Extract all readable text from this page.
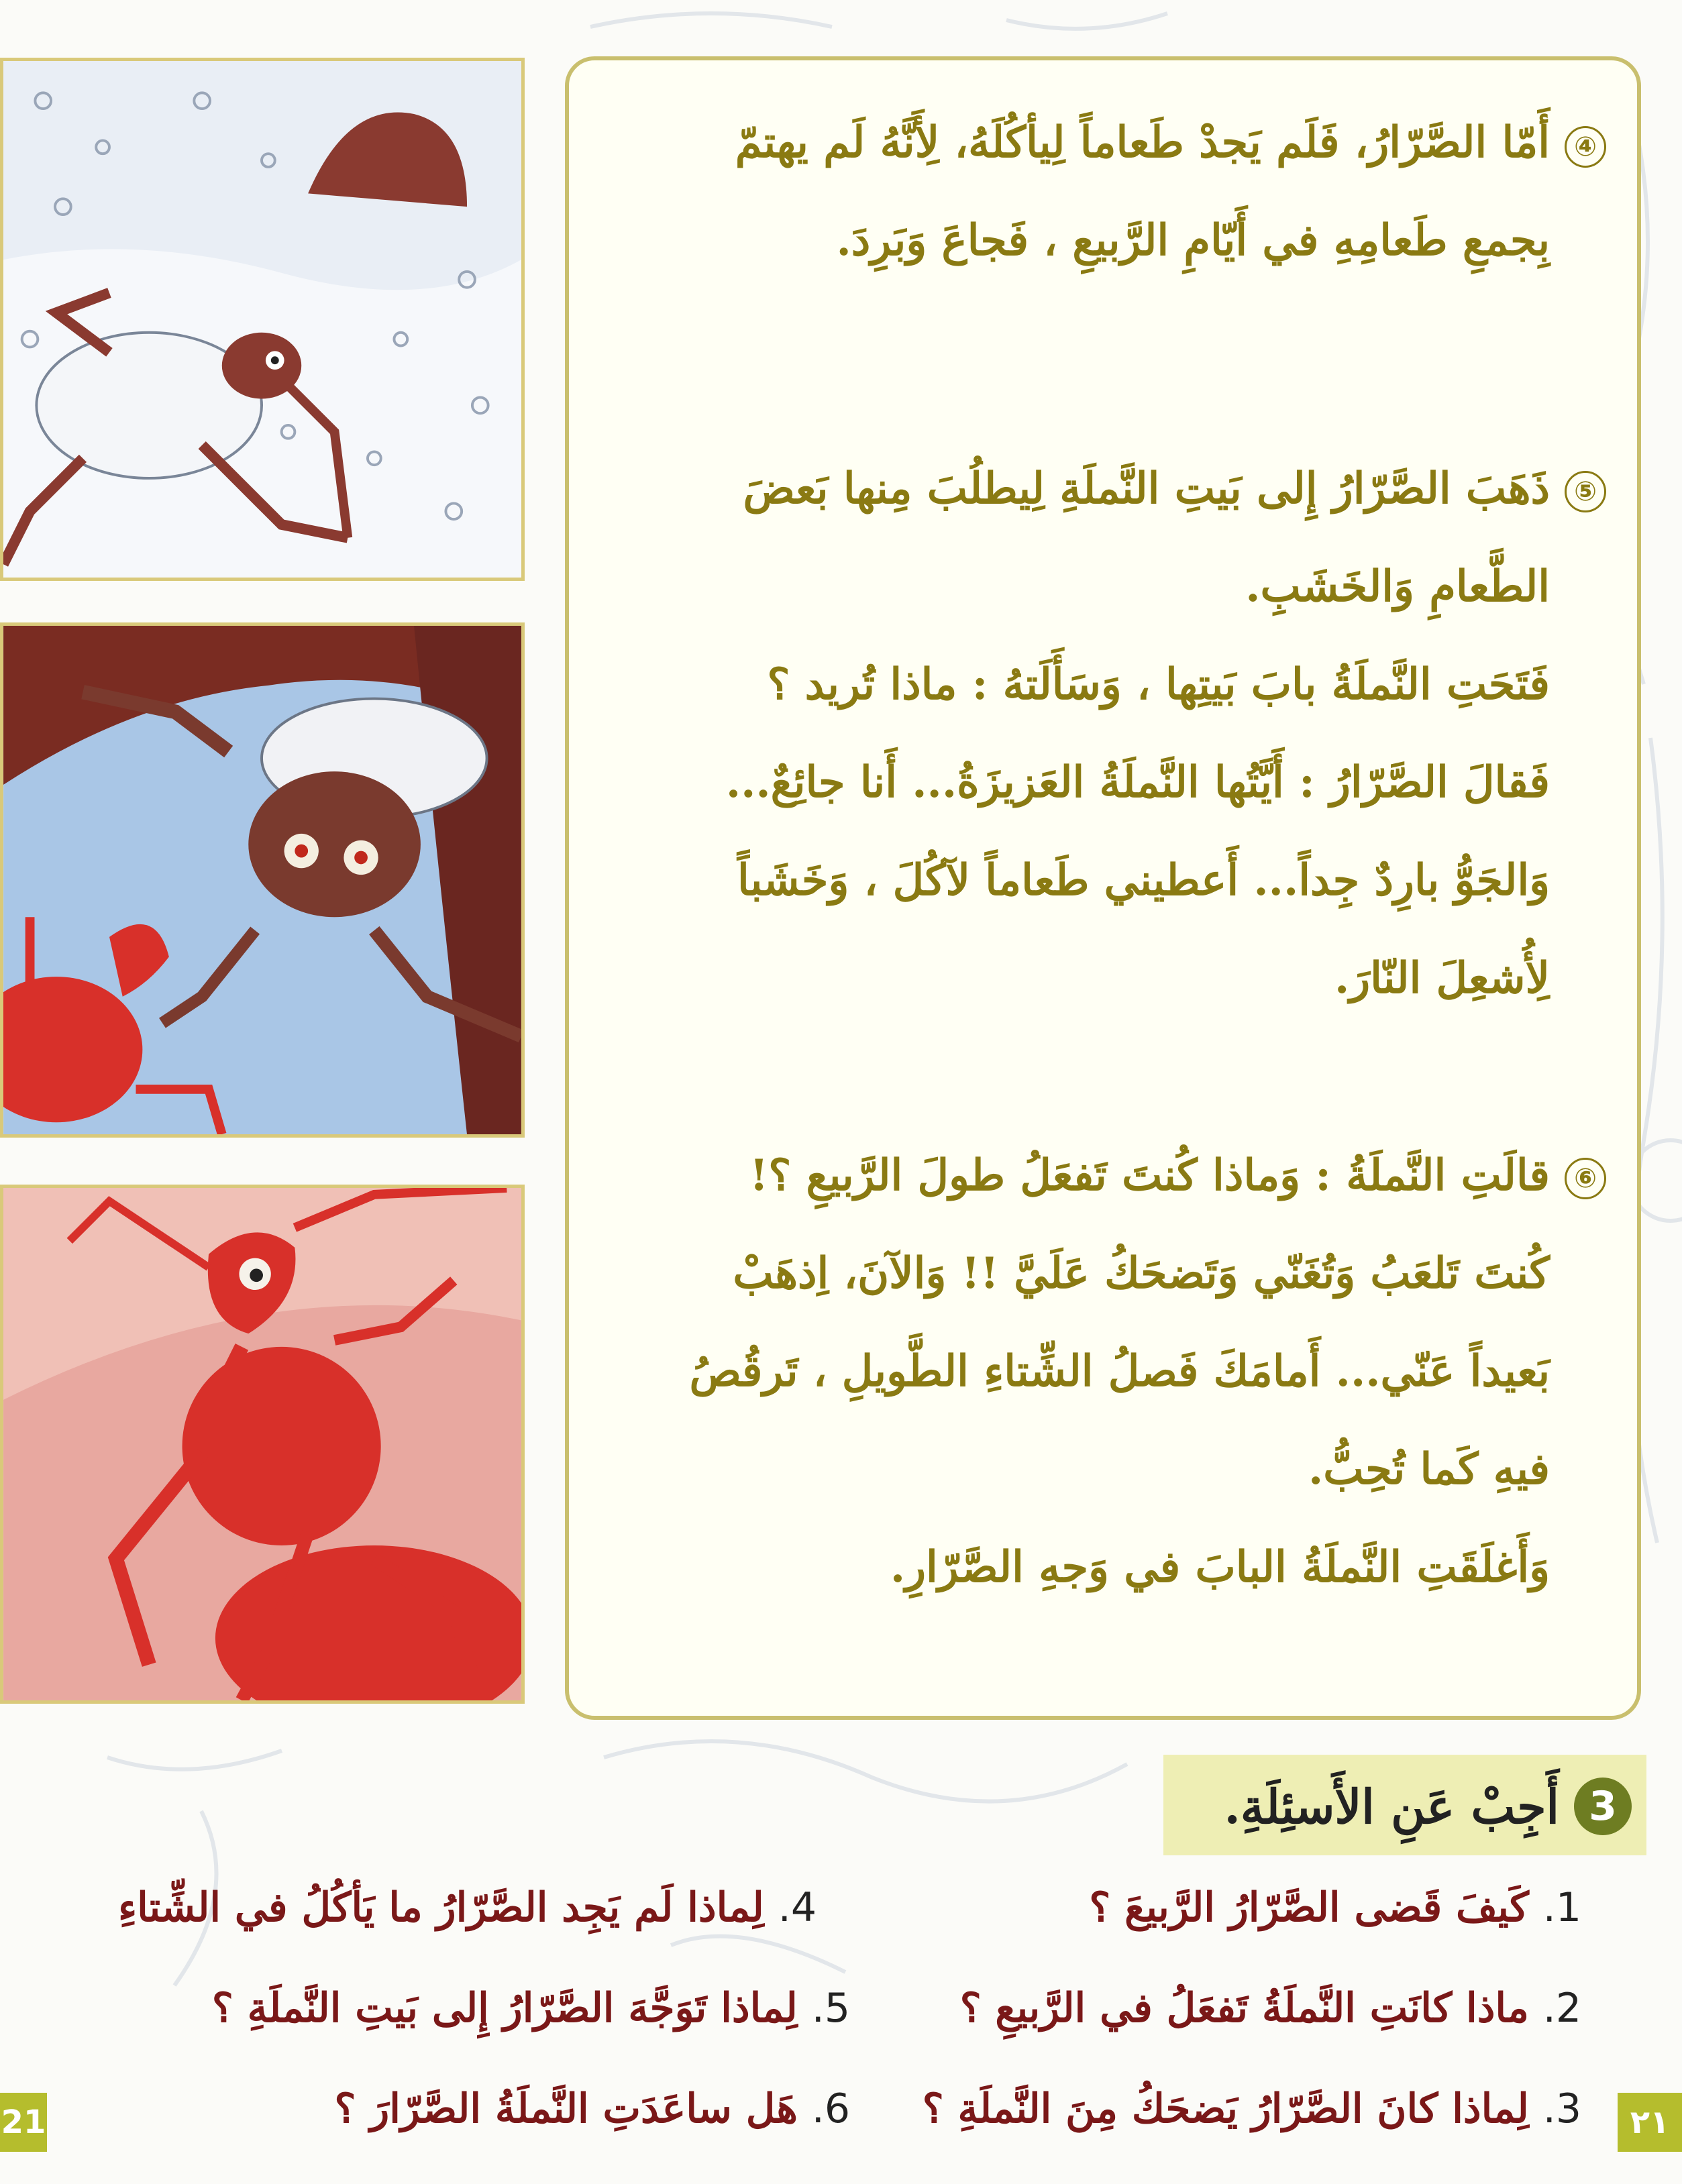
④
أَمّا الصَّرّارُ، فَلَم يَجدْ طَعاماً لِيأكُلَهُ، لِأَنَّهُ لَم يهتمّ
بِجمعِ طَعامِهِ في أَيّامِ الرَّبيعِ ، فَجاعَ وَبَرِدَ.
⑤
ذَهَبَ الصَّرّارُ إِلى بَيتِ النَّملَةِ لِيطلُبَ مِنها بَعضَ
الطَّعامِ وَالخَشَبِ.
فَتَحَتِ النَّملَةُ بابَ بَيتِها ، وَسَأَلَتهُ : ماذا تُريد ؟
فَقالَ الصَّرّارُ : أَيَّتُها النَّملَةُ العَزيزَةُ... أَنا جائِعٌ...
وَالجَوُّ بارِدٌ جِداً... أَعطيني طَعاماً لآكُلَ ، وَخَشَباً
لِأُشعِلَ النّارَ.
⑥
قالَتِ النَّملَةُ : وَماذا كُنتَ تَفعَلُ طولَ الرَّبيعِ ؟!
كُنتَ تَلعَبُ وَتُغَنّي وَتَضحَكُ عَلَيَّ !! وَالآنَ، اِذهَبْ
بَعيداً عَنّي... أَمامَكَ فَصلُ الشِّتاءِ الطَّويلِ ، تَرقُصُ
فيهِ كَما تُحِبُّ.
وَأَغلَقَتِ النَّملَةُ البابَ في وَجهِ الصَّرّارِ.
3
أَجِبْ عَنِ الأَسئِلَةِ.
1. كَيفَ قَضى الصَّرّارُ الرَّبيعَ ؟
2. ماذا كانَتِ النَّملَةُ تَفعَلُ في الرَّبيعِ ؟
3. لِماذا كانَ الصَّرّارُ يَضحَكُ مِنَ النَّملَةِ ؟
4. لِماذا لَم يَجِد الصَّرّارُ ما يَأكُلُ في الشِّتاءِ
5. لِماذا تَوَجَّهَ الصَّرّارُ إِلى بَيتِ النَّملَةِ ؟
6. هَل ساعَدَتِ النَّملَةُ الصَّرّارَ ؟
21	٢١
